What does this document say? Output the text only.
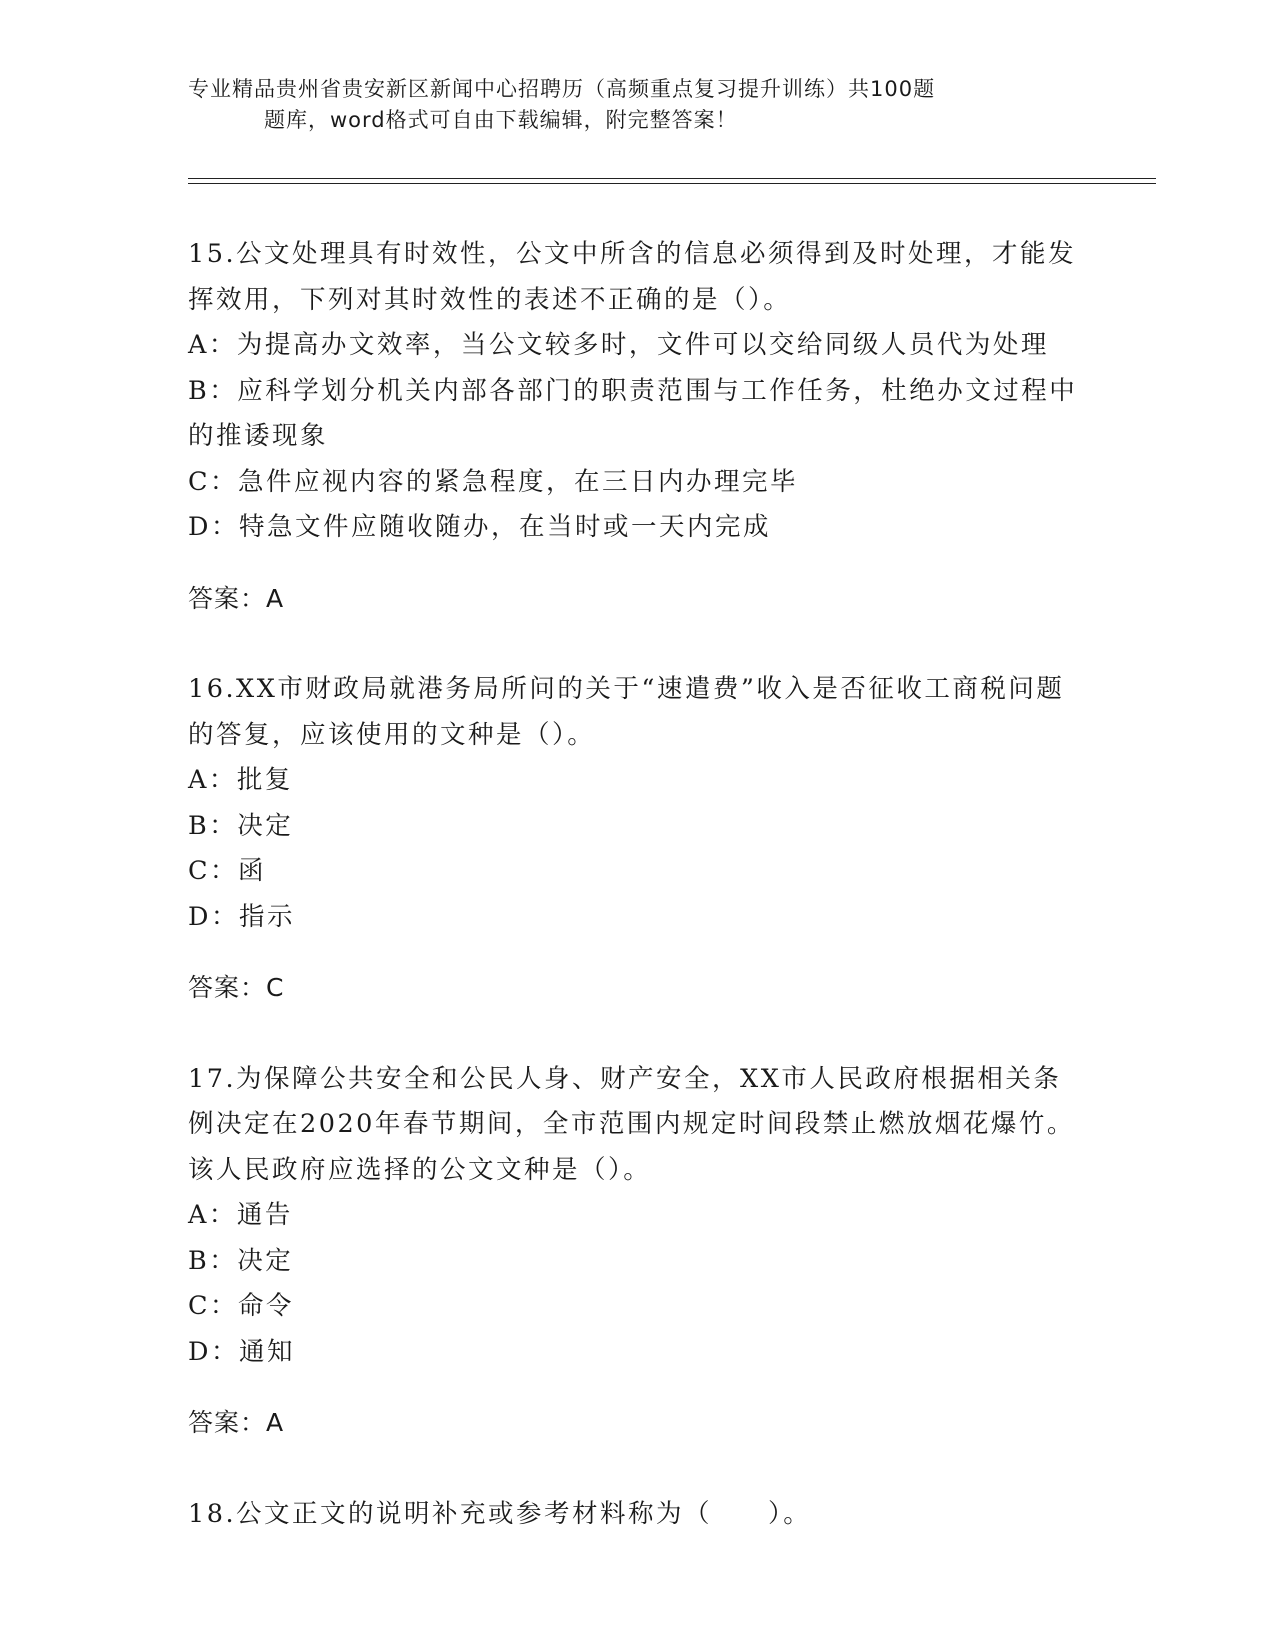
专业精品贵州省贵安新区新闻中心招聘历（高频重点复习提升训练）共100题
题库，word格式可自由下载编辑，附完整答案！

15.公文处理具有时效性，公文中所含的信息必须得到及时处理，才能发挥效用，下列对其时效性的表述不正确的是（）。

A：为提高办文效率，当公文较多时，文件可以交给同级人员代为处理

B：应科学划分机关内部各部门的职责范围与工作任务，杜绝办文过程中的推诿现象

C：急件应视内容的紧急程度，在三日内办理完毕

D：特急文件应随收随办，在当时或一天内完成

答案：A

16.XX市财政局就港务局所问的关于“速遣费”收入是否征收工商税问题的答复，应该使用的文种是（）。

A：批复

B：决定

C：函

D：指示

答案：C

17.为保障公共安全和公民人身、财产安全，XX市人民政府根据相关条例决定在2020年春节期间，全市范围内规定时间段禁止燃放烟花爆竹。该人民政府应选择的公文文种是（）。

A：通告

B：决定

C：命令

D：通知

答案：A

18.公文正文的说明补充或参考材料称为（　　）。
